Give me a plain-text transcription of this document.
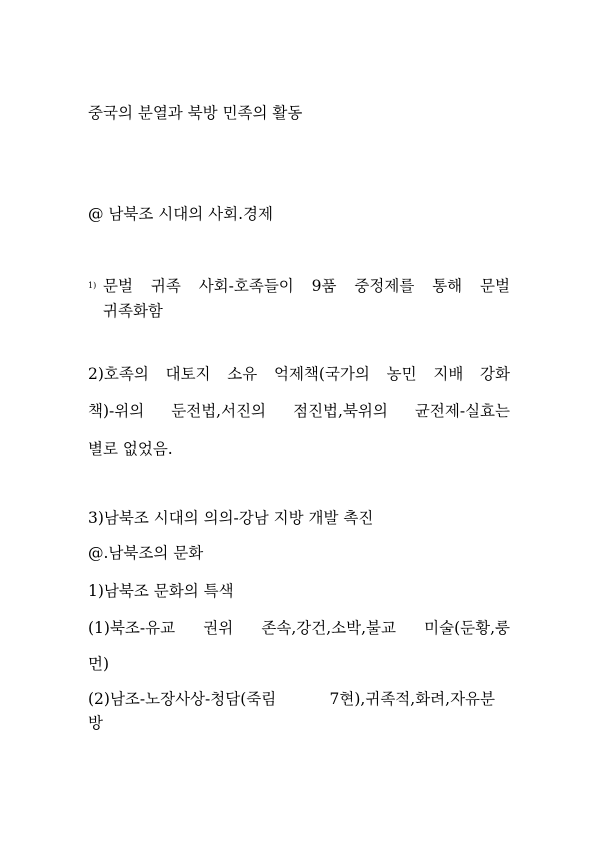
중국의 분열과 북방 민족의 활동
@ 남북조 시대의 사회.경제
1) 문벌 귀족 사회-호족들이 9품 중정제를 통해 문벌
귀족화함
2)호족의 대토지 소유 억제책(국가의 농민 지배 강화
책)-위의 둔전법,서진의 점진법,북위의 균전제-실효는
별로 없었음.
3)남북조 시대의 의의-강남 지방 개발 촉진
@.남북조의 문화
1)남북조 문화의 특색
(1)북조-유교 권위 존속,강건,소박,불교 미술(둔황,룽
먼)
(2)남조-노장사상-청담(죽림 7현),귀족적,화려,자유분
방
